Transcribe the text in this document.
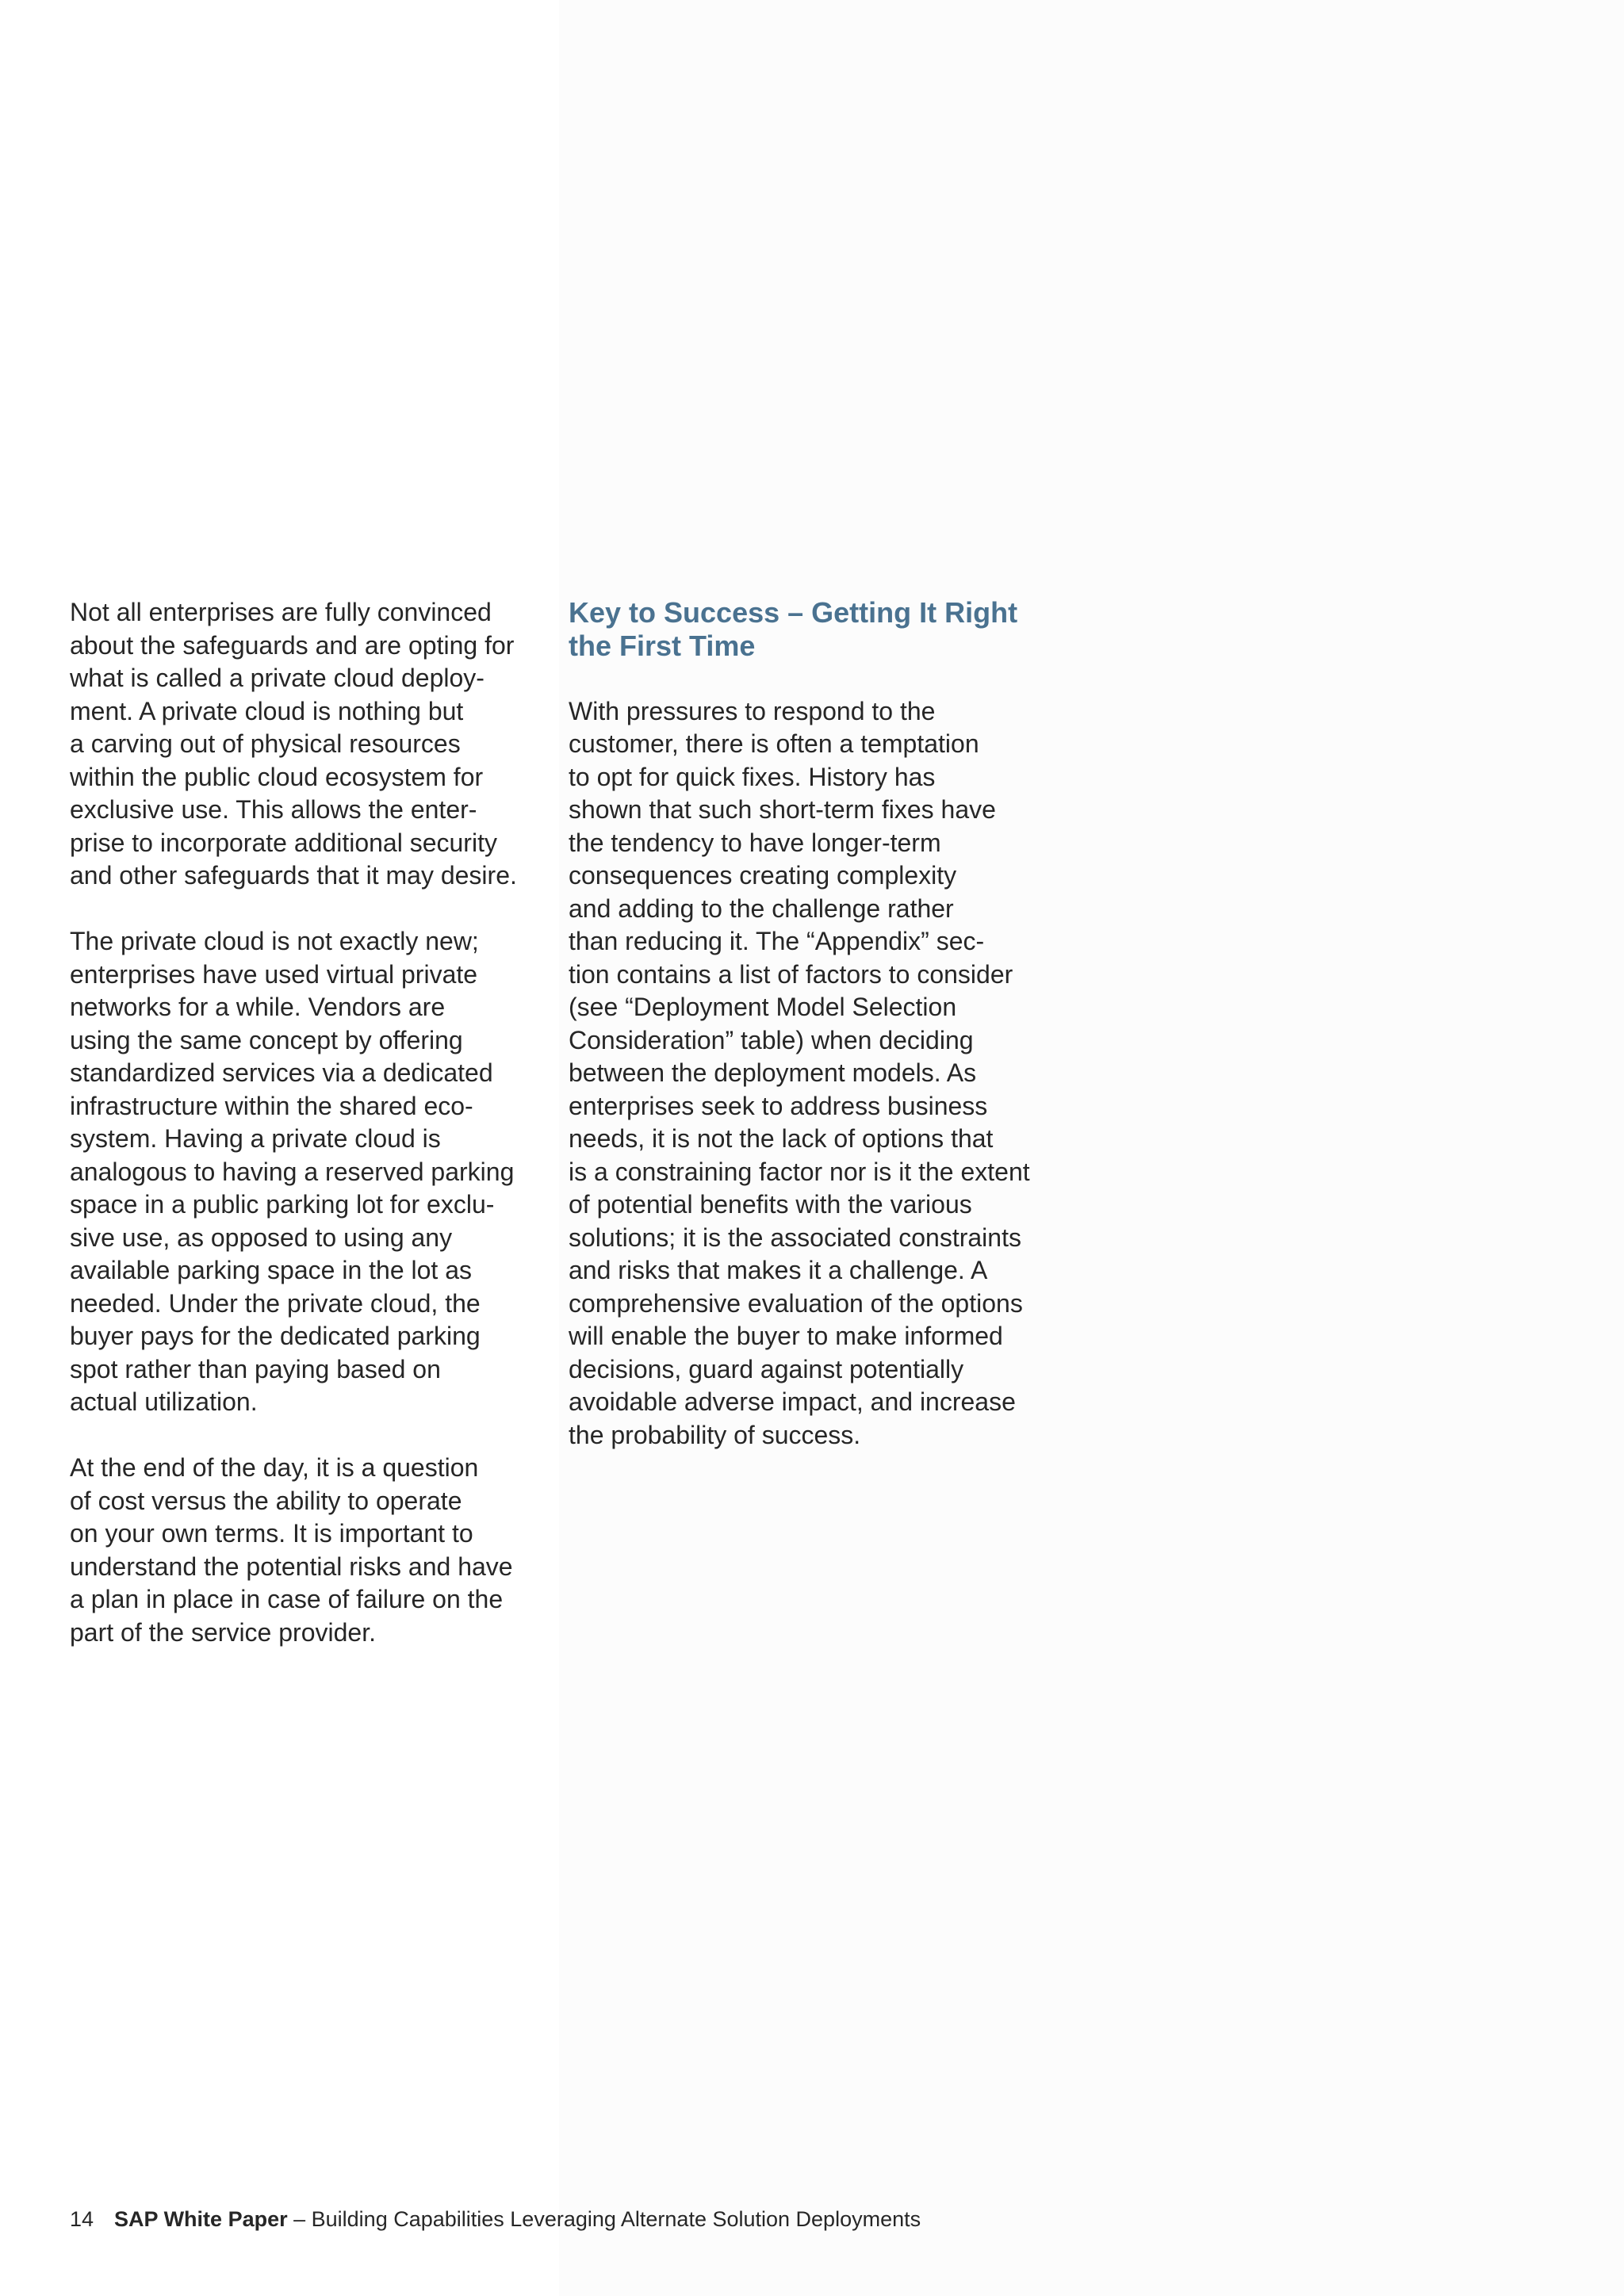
Not all enterprises are fully convinced
about the safeguards and are opting for
what is called a private cloud deploy-
ment. A private cloud is nothing but
a carving out of physical resources
within the public cloud ecosystem for
exclusive use. This allows the enter-
prise to incorporate additional security
and other safeguards that it may desire.

The private cloud is not exactly new;
enterprises have used virtual private
networks for a while. Vendors are
using the same concept by offering
standardized services via a dedicated
infrastructure within the shared eco-
system. Having a private cloud is
analogous to having a reserved parking
space in a public parking lot for exclu-
sive use, as opposed to using any
available parking space in the lot as
needed. Under the private cloud, the
buyer pays for the dedicated parking
spot rather than paying based on
actual utilization.

At the end of the day, it is a question
of cost versus the ability to operate
on your own terms. It is important to
understand the potential risks and have
a plan in place in case of failure on the
part of the service provider.

Key to Success – Getting It Right
the First Time

With pressures to respond to the
customer, there is often a temptation
to opt for quick fixes. History has
shown that such short-term fixes have
the tendency to have longer-term
consequences creating complexity
and adding to the challenge rather
than reducing it. The “Appendix” sec-
tion contains a list of factors to consider
(see “Deployment Model Selection
Consideration” table) when deciding
between the deployment models. As
enterprises seek to address business
needs, it is not the lack of options that
is a constraining factor nor is it the extent
of potential benefits with the various
solutions; it is the associated constraints
and risks that makes it a challenge. A
comprehensive evaluation of the options
will enable the buyer to make informed
decisions, guard against potentially
avoidable adverse impact, and increase
the probability of success.

14 SAP White Paper – Building Capabilities Leveraging Alternate Solution Deployments
